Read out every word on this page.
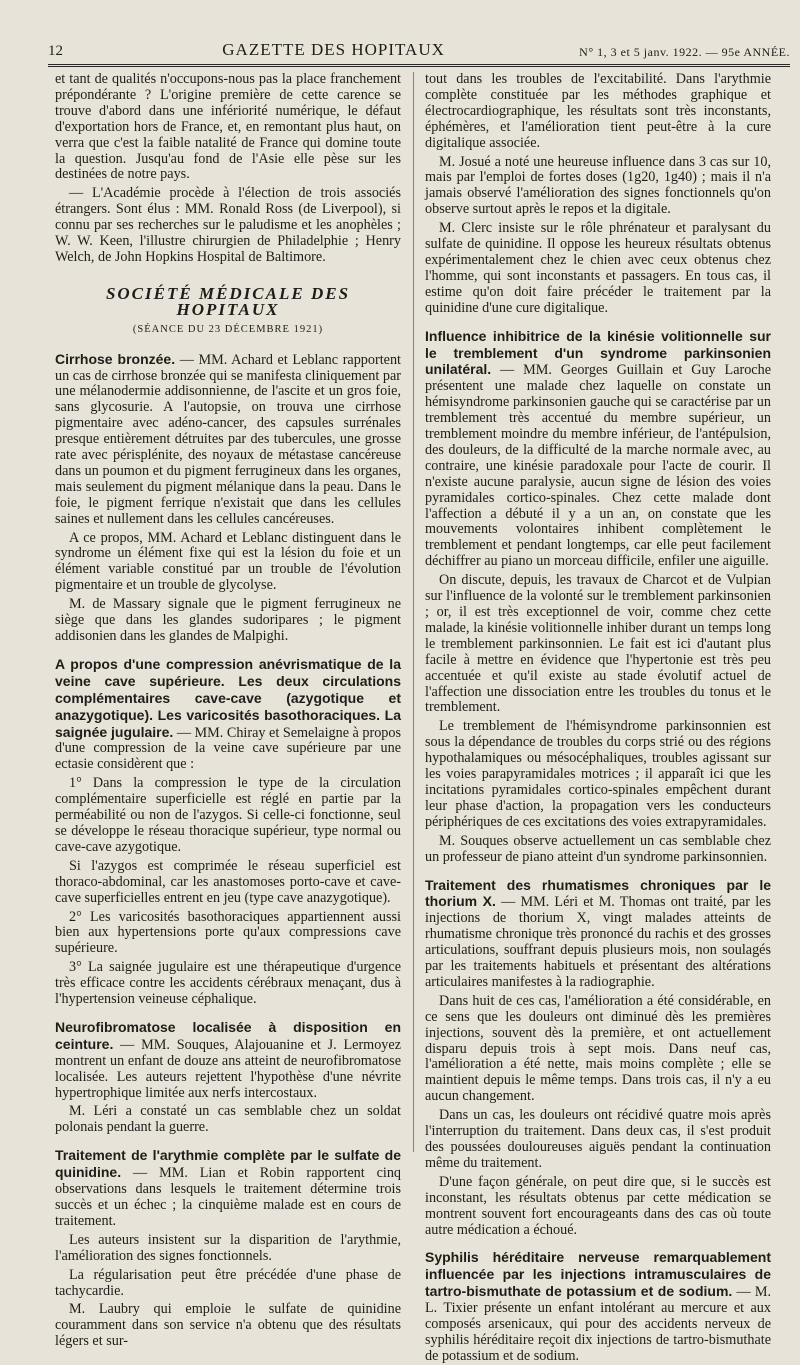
12	GAZETTE DES HOPITAUX	N° 1, 3 et 5 janv. 1922. — 95e ANNÉE.

et tant de qualités n'occupons-nous pas la place franchement prépondérante ? L'origine première de cette carence se trouve d'abord dans une infériorité numérique, le défaut d'exportation hors de France, et, en remontant plus haut, on verra que c'est la faible natalité de France qui domine toute la question. Jusqu'au fond de l'Asie elle pèse sur les destinées de notre pays.

— L'Académie procède à l'élection de trois associés étrangers. Sont élus : MM. Ronald Ross (de Liverpool), si connu par ses recherches sur le paludisme et les anophèles ; W. W. Keen, l'illustre chirurgien de Philadelphie ; Henry Welch, de John Hopkins Hospital de Baltimore.

SOCIÉTÉ MÉDICALE DES HOPITAUX
(SÉANCE DU 23 DÉCEMBRE 1921)

Cirrhose bronzée. — MM. Achard et Leblanc rapportent un cas de cirrhose bronzée qui se manifesta cliniquement par une mélanodermie addisonnienne, de l'ascite et un gros foie, sans glycosurie. A l'autopsie, on trouva une cirrhose pigmentaire avec adéno-cancer, des capsules surrénales presque entièrement détruites par des tubercules, une grosse rate avec périsplénite, des noyaux de métastase cancéreuse dans un poumon et du pigment ferrugineux dans les organes, mais seulement du pigment mélanique dans la peau. Dans le foie, le pigment ferrique n'existait que dans les cellules saines et nullement dans les cellules cancéreuses.

A ce propos, MM. Achard et Leblanc distinguent dans le syndrome un élément fixe qui est la lésion du foie et un élément variable constitué par un trouble de l'évolution pigmentaire et un trouble de glycolyse.

M. de Massary signale que le pigment ferrugineux ne siège que dans les glandes sudoripares ; le pigment addisonien dans les glandes de Malpighi.

A propos d'une compression anévrismatique de la veine cave supérieure. Les deux circulations complémentaires cave-cave (azygotique et anazygotique). Les varicosités basothoraciques. La saignée jugulaire. — MM. Chiray et Semelaigne à propos d'une compression de la veine cave supérieure par une ectasie considèrent que :

1° Dans la compression le type de la circulation complémentaire superficielle est réglé en partie par la perméabilité ou non de l'azygos. Si celle-ci fonctionne, seul se développe le réseau thoracique supérieur, type normal ou cave-cave azygotique.

Si l'azygos est comprimée le réseau superficiel est thoraco-abdominal, car les anastomoses porto-cave et cave-cave superficielles entrent en jeu (type cave anazygotique).

2° Les varicosités basothoraciques appartiennent aussi bien aux hypertensions porte qu'aux compressions cave supérieure.

3° La saignée jugulaire est une thérapeutique d'urgence très efficace contre les accidents cérébraux menaçant, dus à l'hypertension veineuse céphalique.

Neurofibromatose localisée à disposition en ceinture. — MM. Souques, Alajouanine et J. Lermoyez montrent un enfant de douze ans atteint de neurofibromatose localisée. Les auteurs rejettent l'hypothèse d'une névrite hypertrophique limitée aux nerfs intercostaux.

M. Léri a constaté un cas semblable chez un soldat polonais pendant la guerre.

Traitement de l'arythmie complète par le sulfate de quinidine. — MM. Lian et Robin rapportent cinq observations dans lesquels le traitement détermine trois succès et un échec ; la cinquième malade est en cours de traitement.

Les auteurs insistent sur la disparition de l'arythmie, l'amélioration des signes fonctionnels.

La régularisation peut être précédée d'une phase de tachycardie.

M. Laubry qui emploie le sulfate de quinidine couramment dans son service n'a obtenu que des résultats légers et sur-

tout dans les troubles de l'excitabilité. Dans l'arythmie complète constituée par les méthodes graphique et électrocardiographique, les résultats sont très inconstants, éphémères, et l'amélioration tient peut-être à la cure digitalique associée.

M. Josué a noté une heureuse influence dans 3 cas sur 10, mais par l'emploi de fortes doses (1g20, 1g40) ; mais il n'a jamais observé l'amélioration des signes fonctionnels qu'on observe surtout après le repos et la digitale.

M. Clerc insiste sur le rôle phrénateur et paralysant du sulfate de quinidine. Il oppose les heureux résultats obtenus expérimentalement chez le chien avec ceux obtenus chez l'homme, qui sont inconstants et passagers. En tous cas, il estime qu'on doit faire précéder le traitement par la quinidine d'une cure digitalique.

Influence inhibitrice de la kinésie volitionnelle sur le tremblement d'un syndrome parkinsonien unilatéral. — MM. Georges Guillain et Guy Laroche présentent une malade chez laquelle on constate un hémisyndrome parkinsonien gauche qui se caractérise par un tremblement très accentué du membre supérieur, un tremblement moindre du membre inférieur, de l'antépulsion, des douleurs, de la difficulté de la marche normale avec, au contraire, une kinésie paradoxale pour l'acte de courir. Il n'existe aucune paralysie, aucun signe de lésion des voies pyramidales cortico-spinales. Chez cette malade dont l'affection a débuté il y a un an, on constate que les mouvements volontaires inhibent complètement le tremblement et pendant longtemps, car elle peut facilement déchiffrer au piano un morceau difficile, enfiler une aiguille.

On discute, depuis, les travaux de Charcot et de Vulpian sur l'influence de la volonté sur le tremblement parkinsonien ; or, il est très exceptionnel de voir, comme chez cette malade, la kinésie volitionnelle inhiber durant un temps long le tremblement parkinsonnien. Le fait est ici d'autant plus facile à mettre en évidence que l'hypertonie est très peu accentuée et qu'il existe au stade évolutif actuel de l'affection une dissociation entre les troubles du tonus et le tremblement.

Le tremblement de l'hémisyndrome parkinsonnien est sous la dépendance de troubles du corps strié ou des régions hypothalamiques ou mésocéphaliques, troubles agissant sur les voies parapyramidales motrices ; il apparaît ici que les incitations pyramidales cortico-spinales empêchent durant leur phase d'action, la propagation vers les conducteurs périphériques de ces excitations des voies extrapyramidales.

M. Souques observe actuellement un cas semblable chez un professeur de piano atteint d'un syndrome parkinsonnien.

Traitement des rhumatismes chroniques par le thorium X. — MM. Léri et M. Thomas ont traité, par les injections de thorium X, vingt malades atteints de rhumatisme chronique très prononcé du rachis et des grosses articulations, souffrant depuis plusieurs mois, non soulagés par les traitements habituels et présentant des altérations articulaires manifestes à la radiographie.

Dans huit de ces cas, l'amélioration a été considérable, en ce sens que les douleurs ont diminué dès les premières injections, souvent dès la première, et ont actuellement disparu depuis trois à sept mois. Dans neuf cas, l'amélioration a été nette, mais moins complète ; elle se maintient depuis le même temps. Dans trois cas, il n'y a eu aucun changement.

Dans un cas, les douleurs ont récidivé quatre mois après l'interruption du traitement. Dans deux cas, il s'est produit des poussées douloureuses aiguës pendant la continuation même du traitement.

D'une façon générale, on peut dire que, si le succès est inconstant, les résultats obtenus par cette médication se montrent souvent fort encourageants dans des cas où toute autre médication a échoué.

Syphilis héréditaire nerveuse remarquablement influencée par les injections intramusculaires de tartro-bismuthate de potassium et de sodium. — M. L. Tixier présente un enfant intolérant au mercure et aux composés arsenicaux, qui pour des accidents nerveux de syphilis héréditaire reçoit dix injections de tartro-bismuthate de potassium et de sodium.
